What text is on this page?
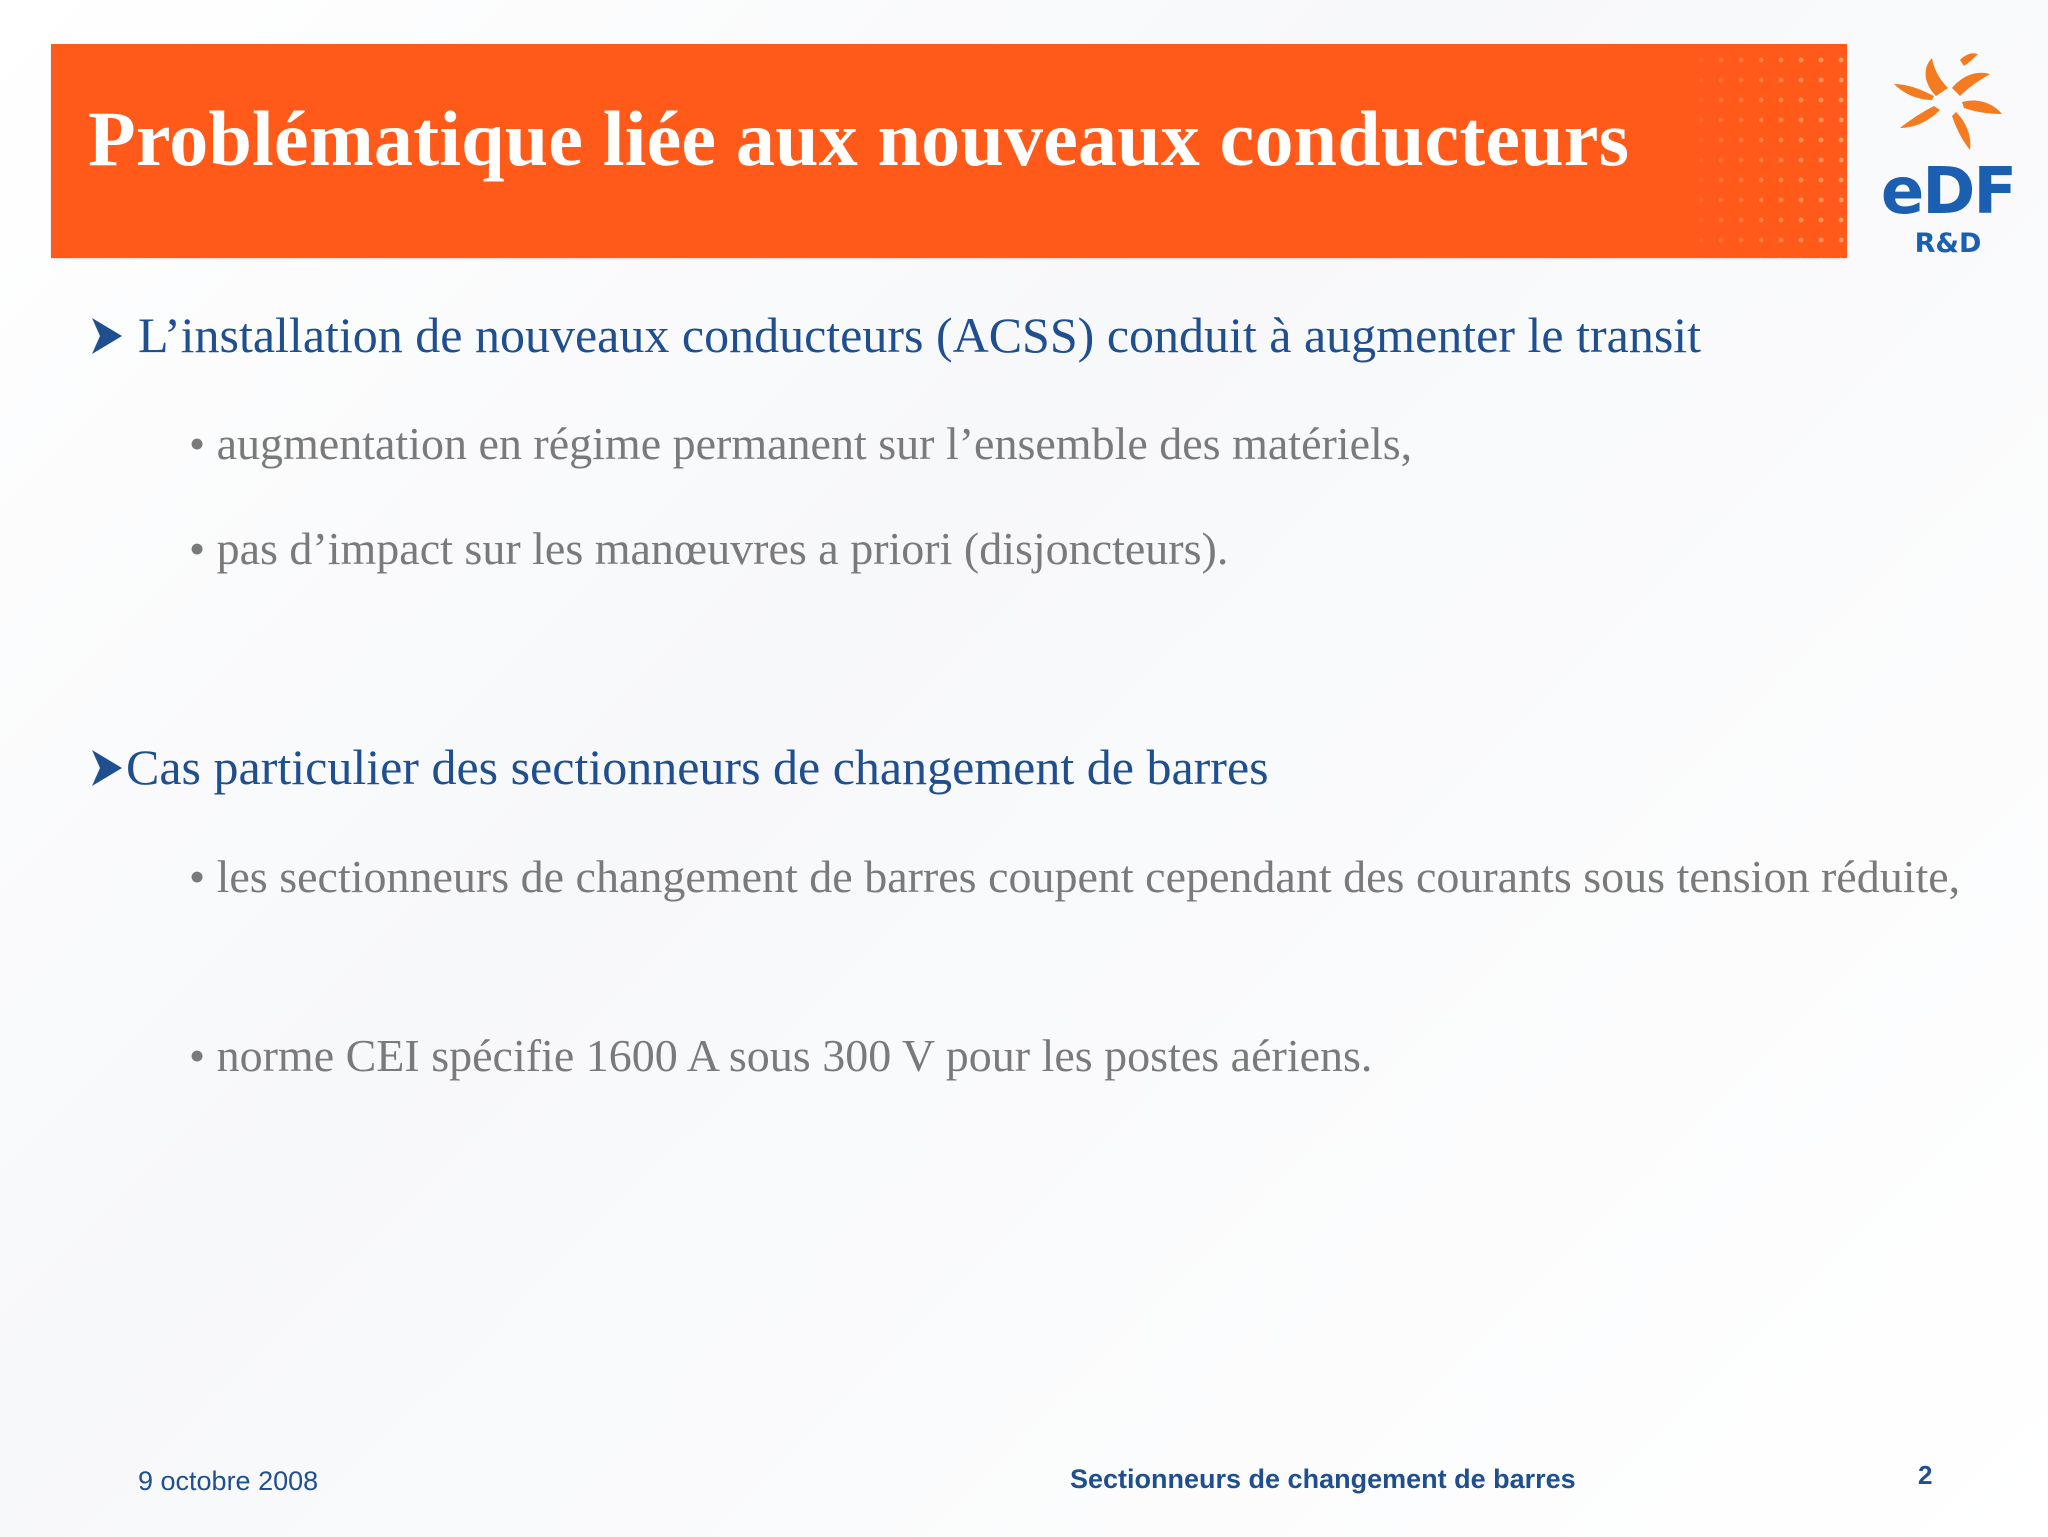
Problématique liée aux nouveaux conducteurs
eDF
R&D
L’installation de nouveaux conducteurs (ACSS) conduit à augmenter le transit
• augmentation en régime permanent sur l’ensemble des matériels,
• pas d’impact sur les manœuvres a priori (disjoncteurs).
Cas particulier des sectionneurs de changement de barres
• les sectionneurs de changement de barres coupent cependant des courants sous tension réduite,
• norme CEI spécifie 1600 A sous 300 V pour les postes aériens.
9 octobre 2008	Sectionneurs de changement de barres	2
